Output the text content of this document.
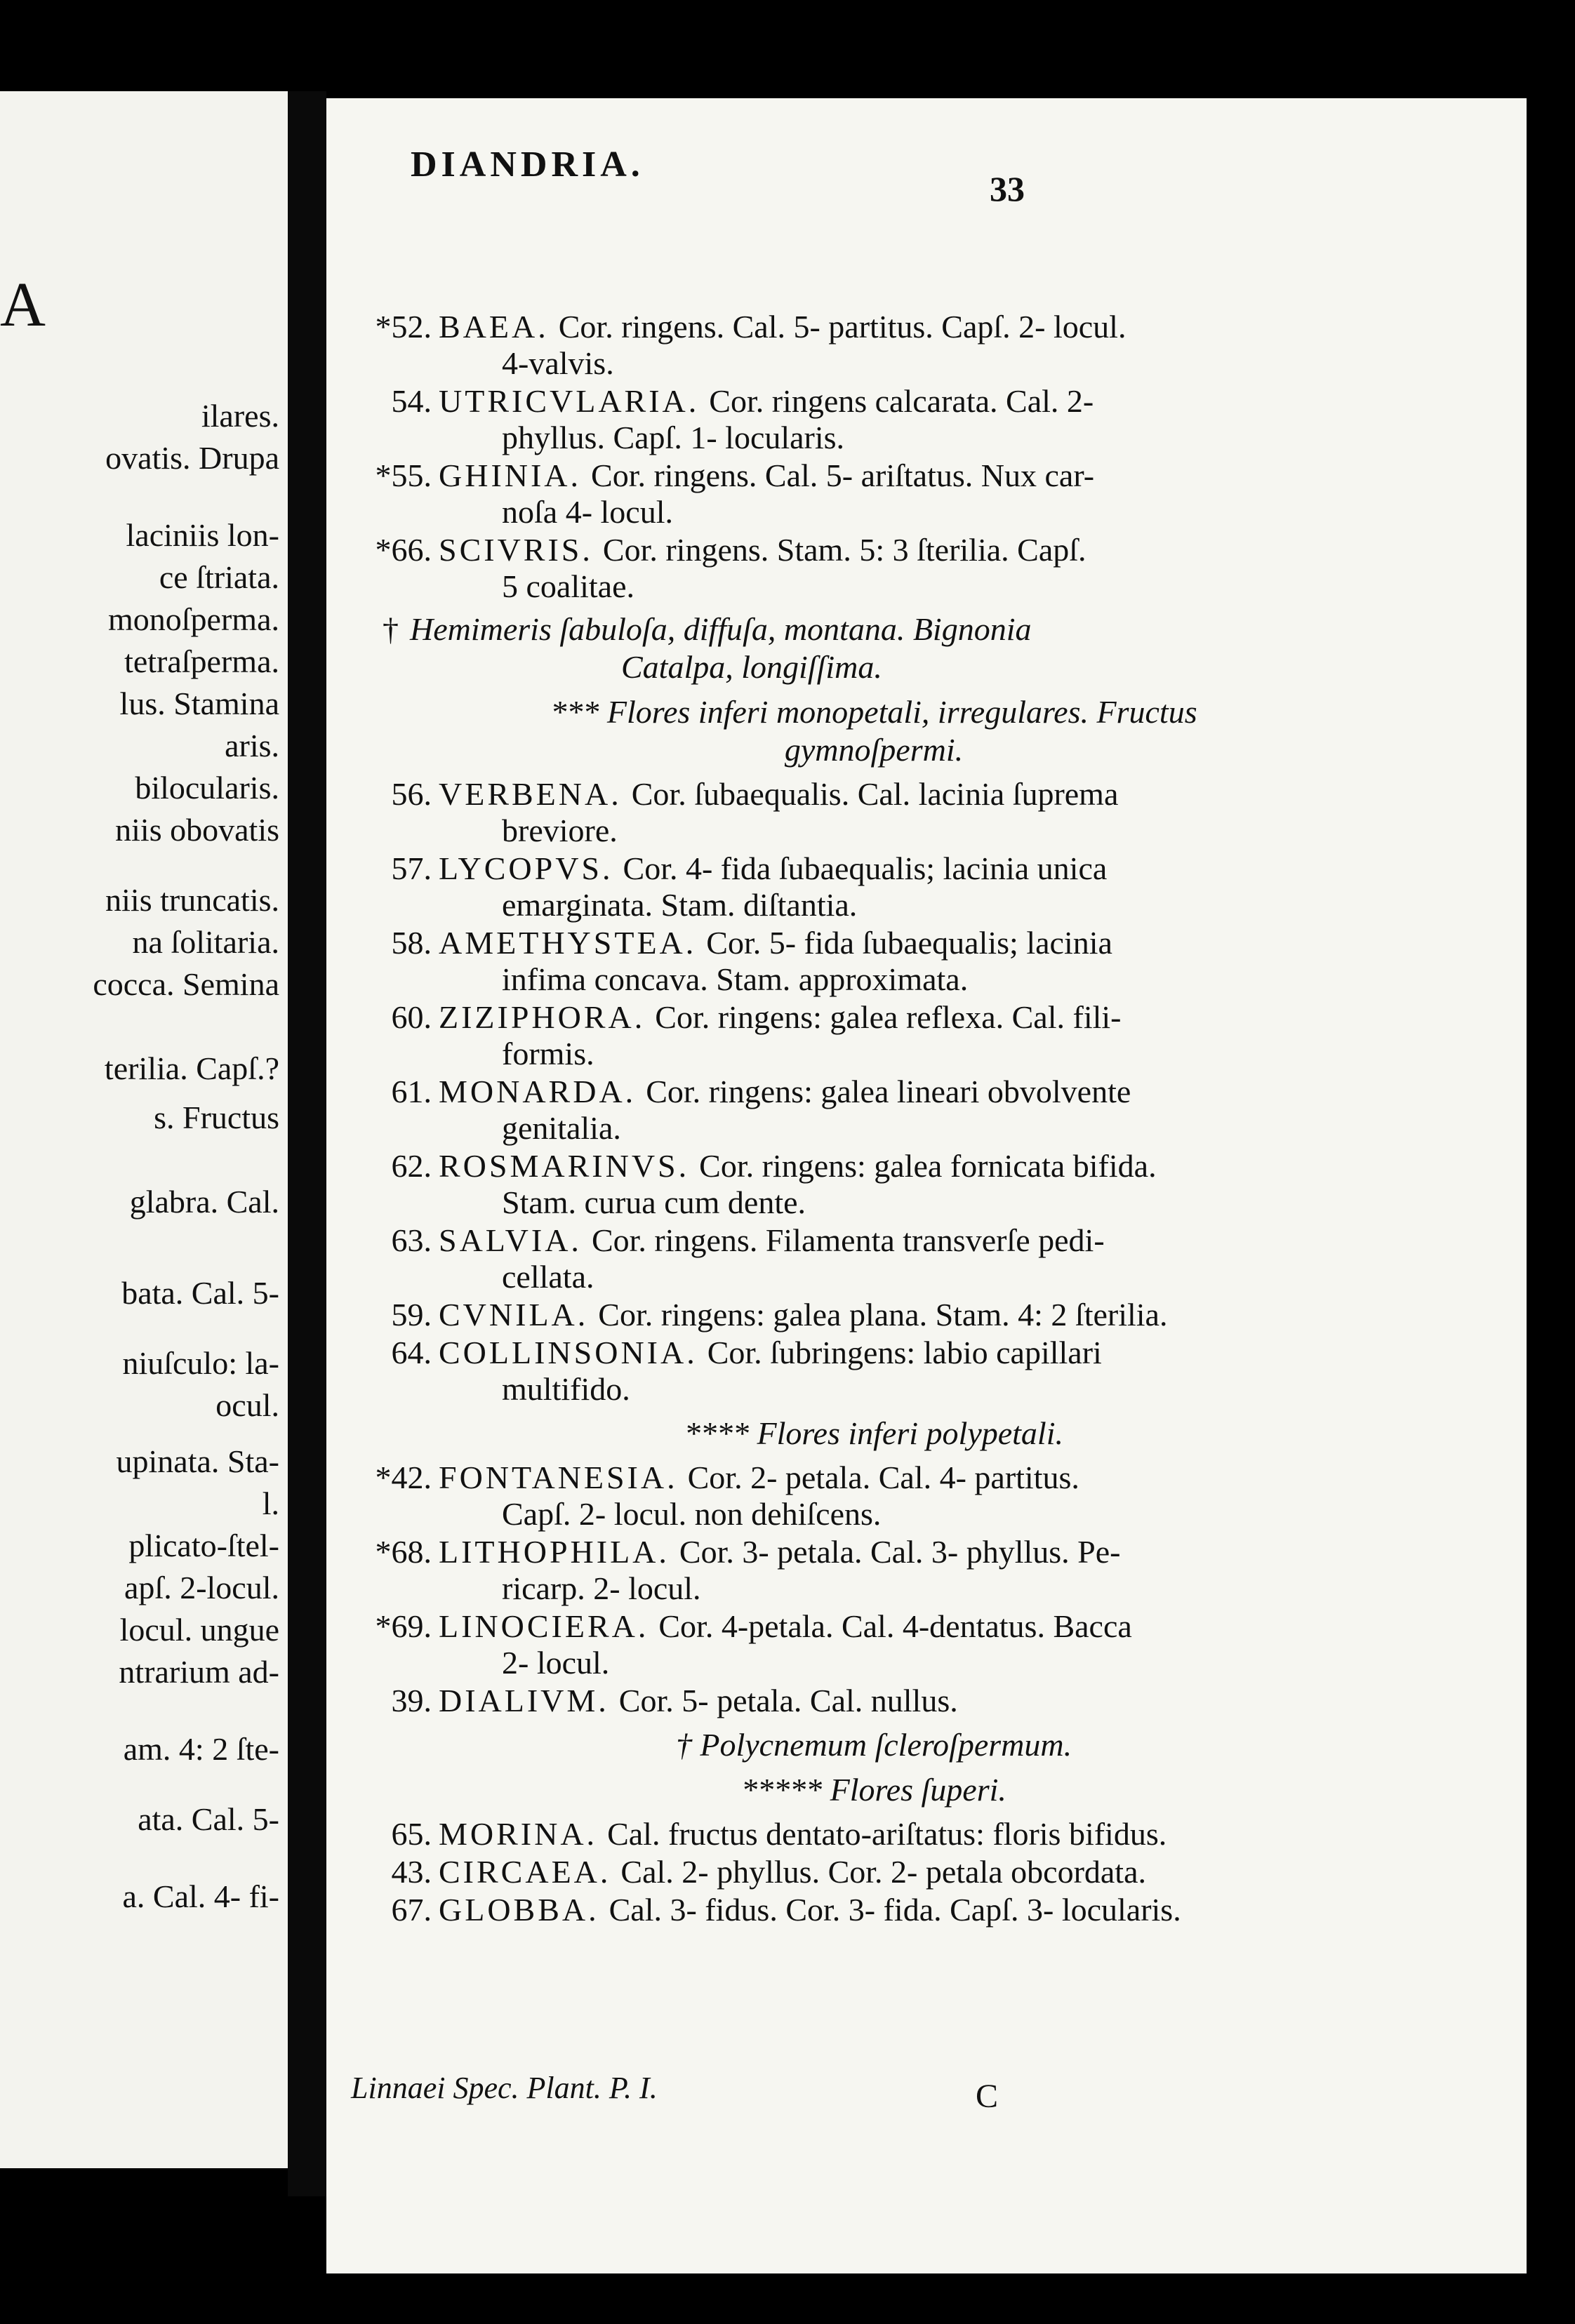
A
ilares.
ovatis. Drupa
laciniis lon-
ce ſtriata.
monoſperma.
tetraſperma.
lus. Stamina
aris.
bilocularis.
niis obovatis
niis truncatis.
na ſolitaria.
cocca. Semina
terilia. Capſ.?
s. Fructus
glabra. Cal.
bata. Cal. 5-
niuſculo: la-
ocul.
upinata. Sta-
l.
plicato-ſtel-
apſ. 2-locul.
locul. ungue
ntrarium ad-
am. 4: 2 ſte-
ata. Cal. 5-
a. Cal. 4- fi-
DIANDRIA.
33
*52. BAEA. Cor. ringens. Cal. 5- partitus. Capſ. 2- locul.
4-valvis.
54. UTRICVLARIA. Cor. ringens calcarata. Cal. 2-
phyllus. Capſ. 1- locularis.
*55. GHINIA. Cor. ringens. Cal. 5- ariſtatus. Nux car-
noſa 4- locul.
*66. SCIVRIS. Cor. ringens. Stam. 5: 3 ſterilia. Capſ.
5 coalitae.
† Hemimeris ſabuloſa, diffuſa, montana. Bignonia
Catalpa, longiſſima.
*** Flores inferi monopetali, irregulares. Fructus
gymnoſpermi.
56. VERBENA. Cor. ſubaequalis. Cal. lacinia ſuprema
breviore.
57. LYCOPVS. Cor. 4- fida ſubaequalis; lacinia unica
emarginata. Stam. diſtantia.
58. AMETHYSTEA. Cor. 5- fida ſubaequalis; lacinia
infima concava. Stam. approximata.
60. ZIZIPHORA. Cor. ringens: galea reflexa. Cal. fili-
formis.
61. MONARDA. Cor. ringens: galea lineari obvolvente
genitalia.
62. ROSMARINVS. Cor. ringens: galea fornicata bifida.
Stam. curua cum dente.
63. SALVIA. Cor. ringens. Filamenta transverſe pedi-
cellata.
59. CVNILA. Cor. ringens: galea plana. Stam. 4: 2 ſterilia.
64. COLLINSONIA. Cor. ſubringens: labio capillari
multifido.
**** Flores inferi polypetali.
*42. FONTANESIA. Cor. 2- petala. Cal. 4- partitus.
Capſ. 2- locul. non dehiſcens.
*68. LITHOPHILA. Cor. 3- petala. Cal. 3- phyllus. Pe-
ricarp. 2- locul.
*69. LINOCIERA. Cor. 4-petala. Cal. 4-dentatus. Bacca
2- locul.
39. DIALIVM. Cor. 5- petala. Cal. nullus.
† Polycnemum ſcleroſpermum.
***** Flores ſuperi.
65. MORINA. Cal. fructus dentato-ariſtatus: floris bifidus.
43. CIRCAEA. Cal. 2- phyllus. Cor. 2- petala obcordata.
67. GLOBBA. Cal. 3- fidus. Cor. 3- fida. Capſ. 3- locularis.
Linnaei Spec. Plant. P. I.	C
